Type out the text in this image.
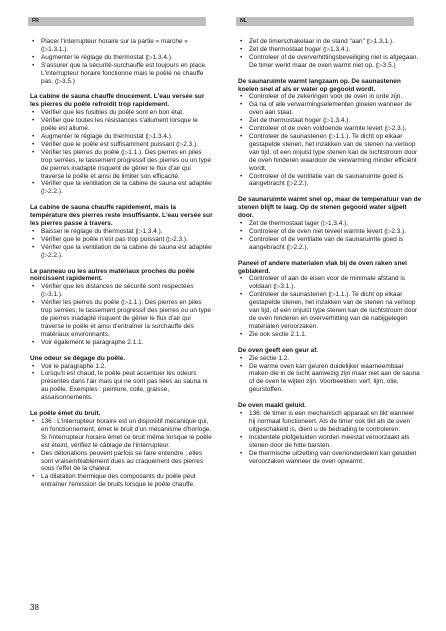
FR	NL
• Placer l'interrupteur horaire sur la partie « marche » (▷1.3.1.).
• Augmenter le réglage du thermostat (▷1.3.4.).
• S'assurer que la sécurité-surchauffe est toujours en place. L'interrupteur horaire fonctionne mais le poêle ne chauffe pas. (▷3.5.)
La cabine de sauna chauffe doucement. L'eau versée sur les pierres du poêle refroidit trop rapidement.
• Vérifier que les fusibles du poêle sont en bon état.
• Vérifier que toutes les résistances s'allument lorsque le poêle est allumé.
• Augmenter le réglage du thermostat (▷1.3.4.).
• Vérifier que le poêle est suffisamment puissant (▷2.3.).
• Vérifier les pierres du poêle (▷1.1.). Des pierres en piles trop serrées, le tassement progressif des pierres ou un type de pierres inadapté risquent de gêner le flux d'air qui traverse le poêle et ainsi de limiter son efficacité.
• Vérifier que la ventilation de la cabine de sauna est adaptée (▷2.2.).
La cabine de sauna chauffe rapidement, mais la température des pierres reste insuffisante. L'eau versée sur les pierres passe à travers.
• Baisser le réglage du thermostat (▷1.3.4.).
• Vérifier que le poêle n'est pas trop puissant (▷2.3.).
• Vérifier que la ventilation de la cabine de sauna est adaptée (▷2.2.).
Le panneau ou les autres matériaux proches du poêle noircissent rapidement.
• Vérifier que les distances de sécurité sont respectées (▷3.1.).
• Vérifier les pierres du poêle (▷1.1.). Des pierres en piles trop serrées, le tassement progressif des pierres ou un type de pierres inadapté risquent de gêner le flux d'air qui traverse le poêle et ainsi d'entraîner la surchauffe des matériaux environnants.
• Voir également le paragraphe 2.1.1.
Une odeur se dégage du poêle.
• Voir le paragraphe 1.2.
• Lorsqu'il est chaud, le poêle peut accentuer les odeurs présentes dans l'air mais qui ne sont pas liées au sauna ni au poêle. Exemples : peinture, colle, graisse, assaisonnements.
Le poêle émet du bruit.
• 136 : L'interrupteur horaire est un dispositif mécanique qui, en fonctionnement, émet le bruit d'un mécanisme d'horloge. Si l'interrupteur horaire émet ce bruit même lorsque le poêle est éteint, vérifiez le câblage de l'interrupteur.
• Des détonations peuvent parfois se faire entendre ; elles sont vraisemblablement dues au craquement des pierres sous l'effet de la chaleur.
• La dilatation thermique des composants du poêle peut entraîner l'émission de bruits lorsque le poêle chauffe.
• Zet de timerschakelaar in de stand "aan" (▷1.3.1.).
• Zet de thermostaat hoger (▷1.3.4.).
• Controleer of de oververhittingsbeveiliging niet is afgegaan. De timer werkt maar de oven warmt niet op. (▷3.5.)
De saunaruimte warmt langzaam op. De saunastenen koelen snel af als er water op gegooid wordt.
• Controleer of de zekeringen voor de oven in orde zijn.
• Ga na of alle verwarmingselementen gloeien wanneer de oven aan staat.
• Zet de thermostaat hoger (▷1.3.4.).
• Controleer of de oven voldoende warmte levert (▷2.3.).
• Controleer de saunastenen (▷1.1.). Te dicht op elkaar gestapelde stenen, het inzakken van de stenen na verloop van tijd, of een onjuist type stenen kan de luchtstroom door de oven hinderen waardoor de verwarming minder efficiënt wordt.
• Controleer of de ventilatie van de saunaruimte goed is aangebracht (▷2.2.).
De saunaruimte warmt snel op, maar de temperatuur van de stenen blijft te laag. Op de stenen gegooid water sijpelt door.
• Zet de thermostaat lager (▷1.3.4.).
• Controleer of de oven niet teveel warmte levert (▷2.3.).
• Controleer of de ventilatie van de saunaruimte goed is aangebracht (▷2.2.).
Paneel of andere materialen vlak bij de oven raken snel geblakerd.
• Controleer of aan de eisen voor de minimale afstand is voldaan (▷3.1.).
• Controleer de saunastenen (▷1.1.). Te dicht op elkaar gestapelde stenen, het inzakken van de stenen na verloop van tijd, of een onjuist type stenen kan de luchtstroom door de oven hinderen en oververhitting van de nabijgelegen materialen veroorzaken.
• Zie ook sectie 2.1.1.
De oven geeft een geur af.
• Zie sectie 1.2.
• De warme oven kan geuren duidelijker waarneembaar maken die in de lucht aanwezig zijn maar niet aan de sauna of de oven te wijten zijn. Voorbeelden: verf, lijm, olie, geurstoffen.
De oven maakt geluid.
• 136: de timer is een mechanisch apparaat en tikt wanneer hij normaal functioneert. Als de timer ook tikt als de oven uitgeschakeld is, dient u de bedrading te controleren.
• Incidentele plofgeluiden worden meestal veroorzaakt als stenen door de hitte barsten.
• De thermische uitzetting van ovenonderdelen kan geluiden veroorzaken wanneer de oven opwarmt.
38
